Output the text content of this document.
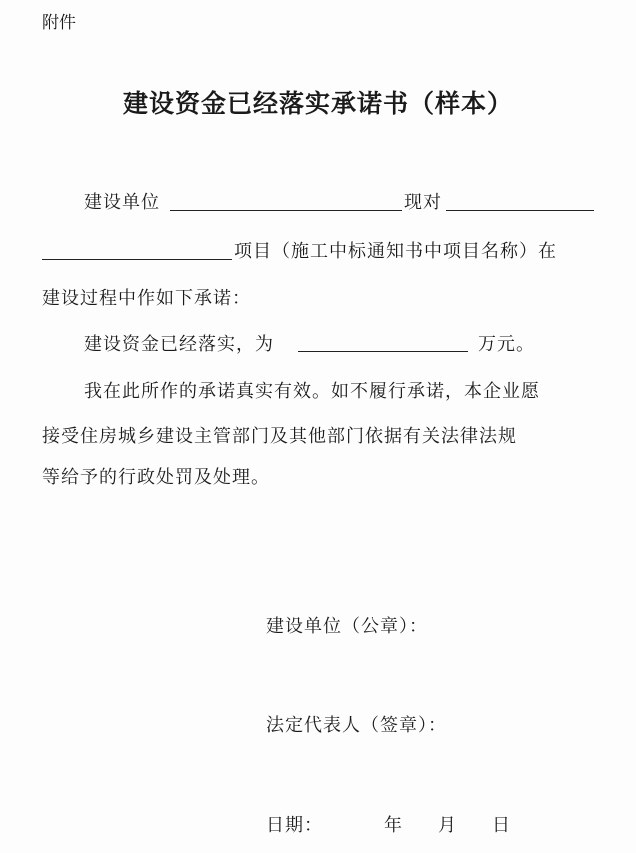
附件
建设资金已经落实承诺书（样本）
建设单位	现对
项目（施工中标通知书中项目名称）在
建设过程中作如下承诺：
建设资金已经落实，为	万元。
我在此所作的承诺真实有效。如不履行承诺，本企业愿
接受住房城乡建设主管部门及其他部门依据有关法律法规
等给予的行政处罚及处理。
建设单位（公章）：
法定代表人（签章）：
日期：	年 月 日
